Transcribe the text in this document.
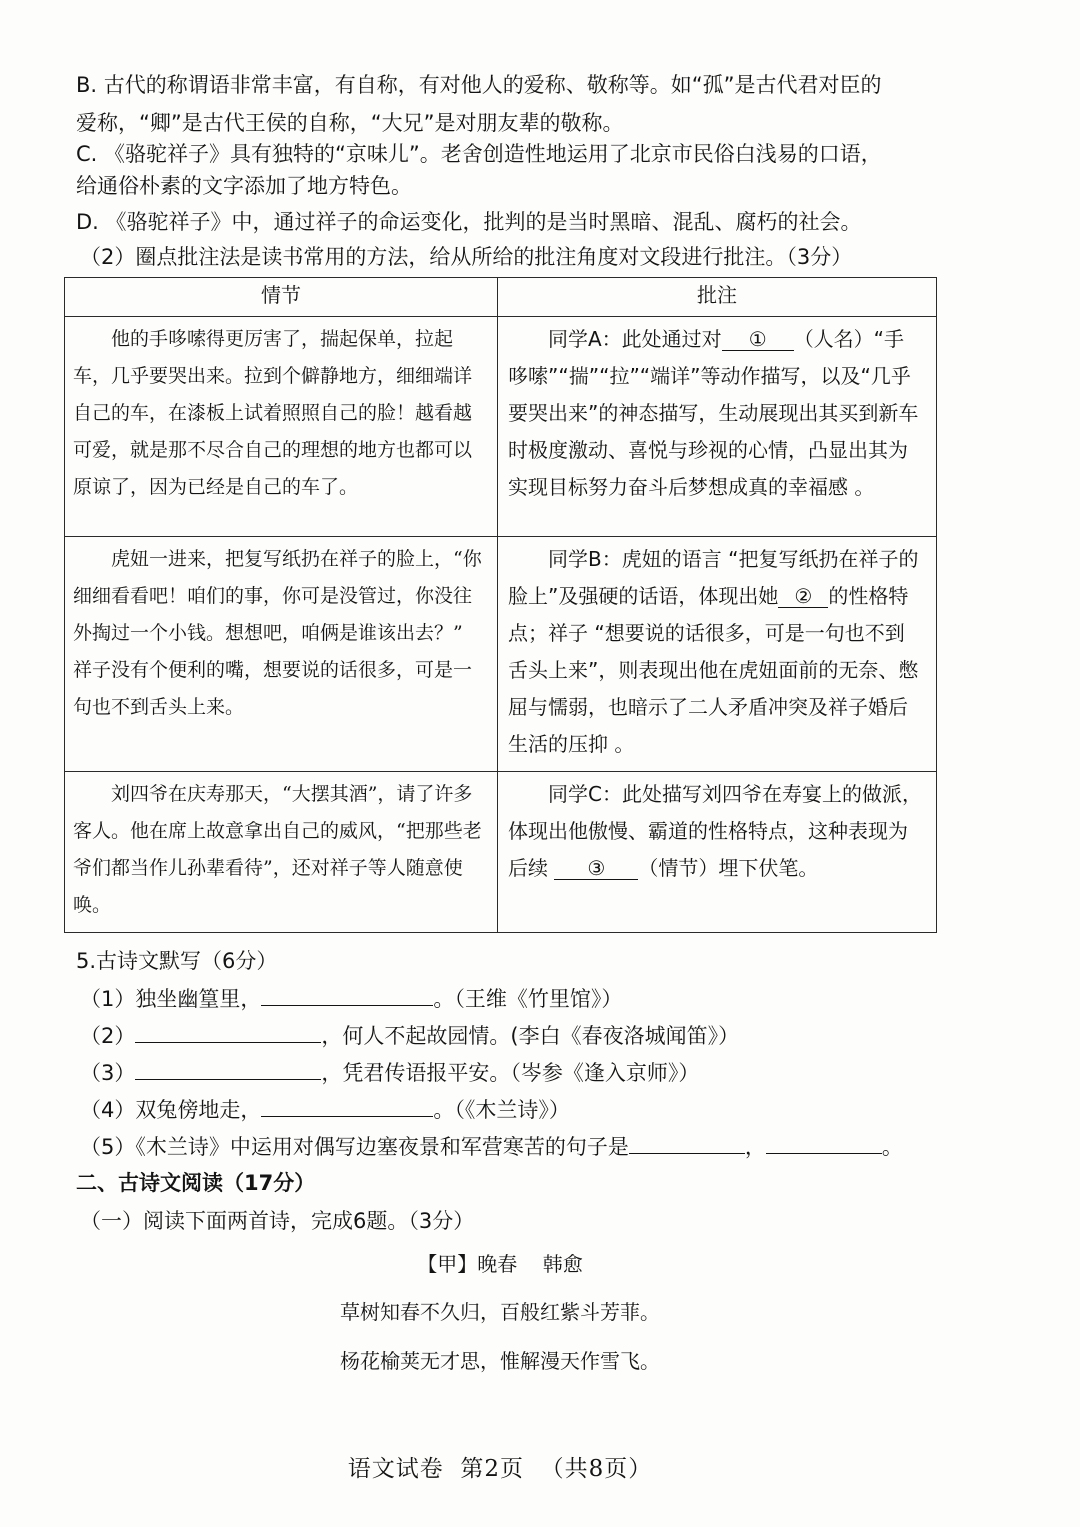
B. 古代的称谓语非常丰富，有自称，有对他人的爱称、敬称等。如“孤”是古代君对臣的
爱称，“卿”是古代王侯的自称，“大兄”是对朋友辈的敬称。
C. 《骆驼祥子》具有独特的“京味儿”。老舍创造性地运用了北京市民俗白浅易的口语，
给通俗朴素的文字添加了地方特色。
D. 《骆驼祥子》中，通过祥子的命运变化，批判的是当时黑暗、混乱、腐朽的社会。
（2）圈点批注法是读书常用的方法，给从所给的批注角度对文段进行批注。（3分）
情节	批注
他的手哆嗦得更厉害了，揣起保单，拉起车，几乎要哭出来。拉到个僻静地方，细细端详自己的车，在漆板上试着照照自己的脸！越看越可爱，就是那不尽合自己的理想的地方也都可以原谅了，因为已经是自己的车了。	同学A：此处通过对 ① （人名）“手哆嗦”“揣”“拉”“端详”等动作描写，以及“几乎要哭出来”的神态描写，生动展现出其买到新车时极度激动、喜悦与珍视的心情，凸显出其为实现目标努力奋斗后梦想成真的幸福感 。
虎妞一进来，把复写纸扔在祥子的脸上，“你细细看看吧！咱们的事，你可是没管过，你没往外掏过一个小钱。想想吧，咱俩是谁该出去？” 祥子没有个便利的嘴，想要说的话很多，可是一句也不到舌头上来。	同学B：虎妞的语言 “把复写纸扔在祥子的脸上”及强硬的话语，体现出她 ② 的性格特点；祥子 “想要说的话很多，可是一句也不到舌头上来”，则表现出他在虎妞面前的无奈、憋屈与懦弱，也暗示了二人矛盾冲突及祥子婚后生活的压抑 。
刘四爷在庆寿那天，“大摆其酒”，请了许多客人。他在席上故意拿出自己的威风，“把那些老爷们都当作儿孙辈看待”，还对祥子等人随意使唤。	同学C：此处描写刘四爷在寿宴上的做派，体现出他傲慢、霸道的性格特点，这种表现为后续 ③ （情节）埋下伏笔。
5.古诗文默写（6分）
（1）独坐幽篁里，	。（王维《竹里馆》）
（2）	，何人不起故园情。(李白《春夜洛城闻笛》）
（3）	，凭君传语报平安。（岑参《逢入京师》）
（4）双兔傍地走，	。（《木兰诗》）
（5）《木兰诗》中运用对偶写边塞夜景和军营寒苦的句子是	，	。
二、古诗文阅读（17分）
（一）阅读下面两首诗，完成6题。（3分）
【甲】晚春    韩愈
草树知春不久归，百般红紫斗芳菲。
杨花榆荚无才思，惟解漫天作雪飞。
语文试卷  第2页  （共8页）
